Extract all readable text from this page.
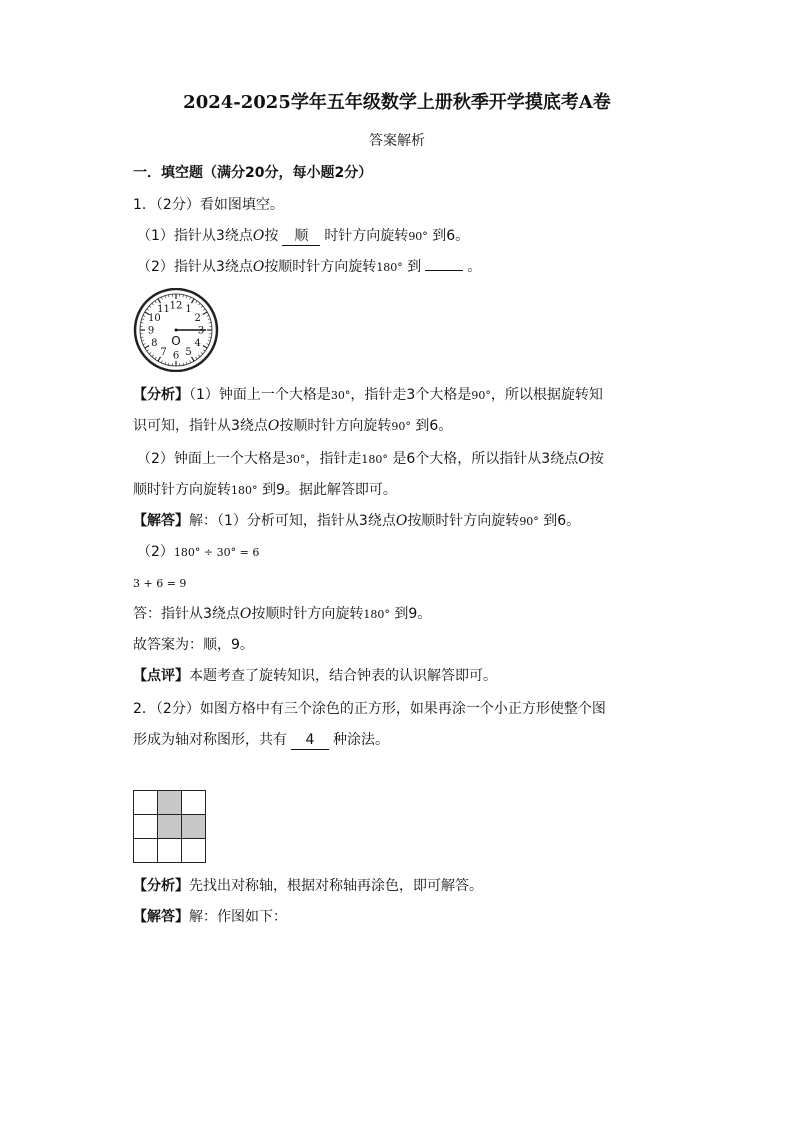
2024-2025学年五年级数学上册秋季开学摸底考A卷
答案解析
一．填空题（满分20分，每小题2分）
1．（2分）看如图填空。
（1）指针从3绕点O按 顺 时针方向旋转90° 到6。
（2）指针从3绕点O按顺时针方向旋转180° 到	。
12 1
2
3
4
5
6
7
8
9
10
11
O
【分析】（1）钟面上一个大格是30°，指针走3个大格是90°，所以根据旋转知
识可知，指针从3绕点O按顺时针方向旋转90° 到6。
（2）钟面上一个大格是30°，指针走180° 是6个大格，所以指针从3绕点O按
顺时针方向旋转180° 到9。据此解答即可。
【解答】解：（1）分析可知，指针从3绕点O按顺时针方向旋转90° 到6。
（2）180° ÷ 30° = 6
3 + 6 = 9
答：指针从3绕点O按顺时针方向旋转180° 到9。
故答案为：顺，9。
【点评】本题考查了旋转知识，结合钟表的认识解答即可。
2．（2分）如图方格中有三个涂色的正方形，如果再涂一个小正方形使整个图
形成为轴对称图形，共有 4 种涂法。
【分析】先找出对称轴，根据对称轴再涂色，即可解答。
【解答】解：作图如下：
